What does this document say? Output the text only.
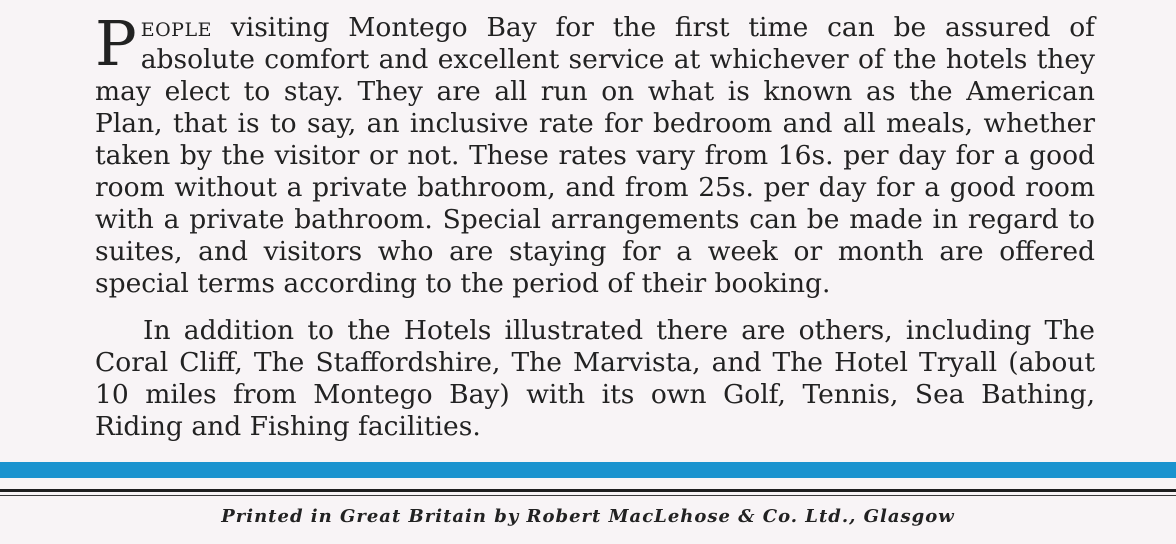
People visiting Montego Bay for the first time can be assured of absolute comfort and excellent service at whichever of the hotels they may elect to stay. They are all run on what is known as the American Plan, that is to say, an inclusive rate for bedroom and all meals, whether taken by the visitor or not. These rates vary from 16s. per day for a good room without a private bathroom, and from 25s. per day for a good room with a private bathroom. Special arrangements can be made in regard to suites, and visitors who are staying for a week or month are offered special terms according to the period of their booking.

In addition to the Hotels illustrated there are others, including The Coral Cliff, The Staffordshire, The Marvista, and The Hotel Tryall (about 10 miles from Montego Bay) with its own Golf, Tennis, Sea Bathing, Riding and Fishing facilities.

Printed in Great Britain by Robert MacLehose & Co. Ltd., Glasgow
